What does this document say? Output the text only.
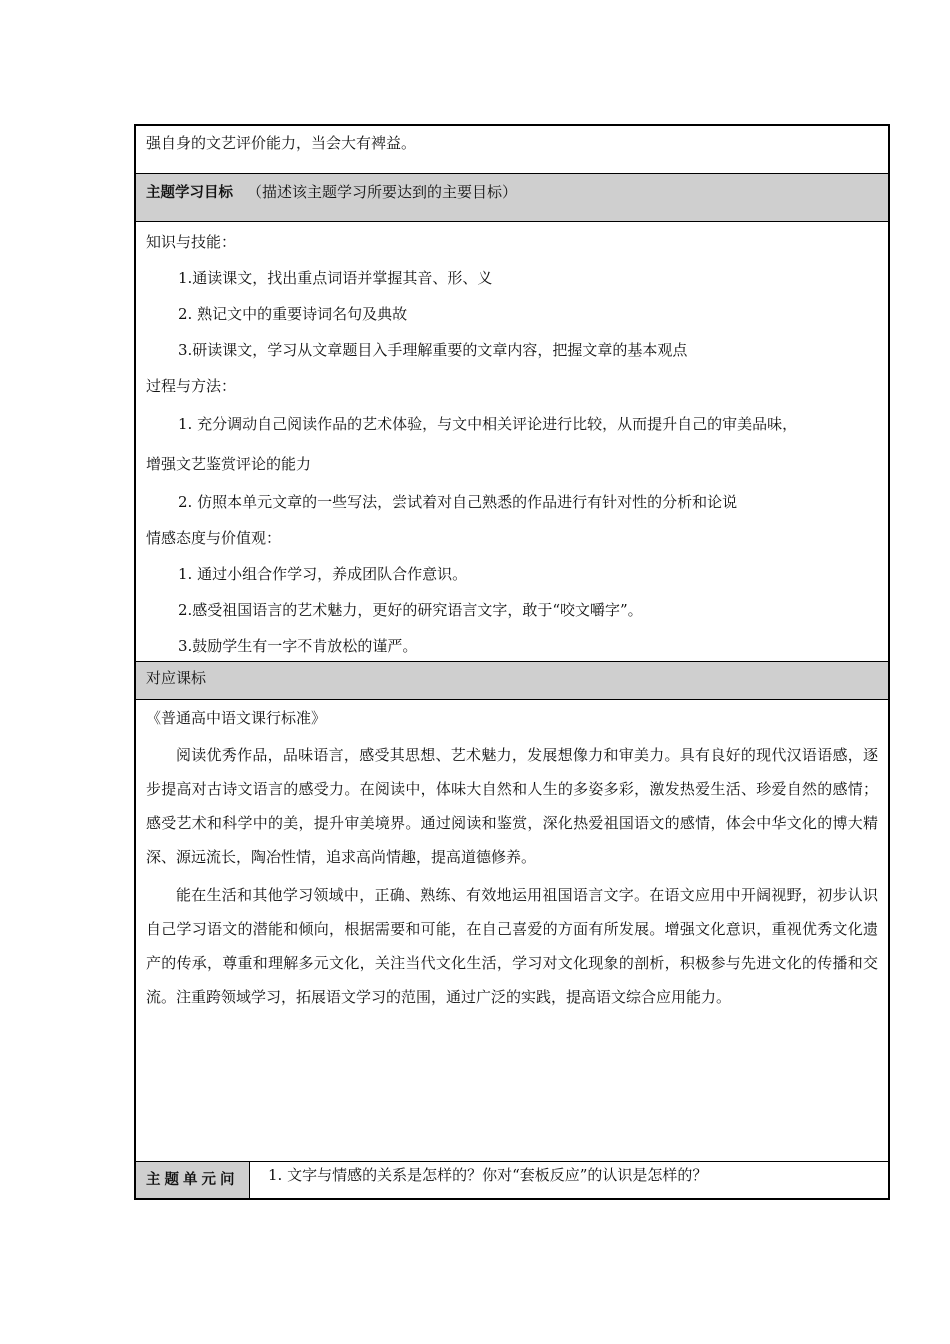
强自身的文艺评价能力，当会大有裨益。
主题学习目标 （描述该主题学习所要达到的主要目标）
知识与技能：
1.通读课文，找出重点词语并掌握其音、形、义
2. 熟记文中的重要诗词名句及典故
3.研读课文，学习从文章题目入手理解重要的文章内容，把握文章的基本观点
过程与方法：
1. 充分调动自己阅读作品的艺术体验，与文中相关评论进行比较，从而提升自己的审美品味，
增强文艺鉴赏评论的能力
2. 仿照本单元文章的一些写法，尝试着对自己熟悉的作品进行有针对性的分析和论说
情感态度与价值观：
1. 通过小组合作学习，养成团队合作意识。
2.感受祖国语言的艺术魅力，更好的研究语言文字，敢于“咬文嚼字”。
3.鼓励学生有一字不肯放松的谨严。
对应课标
《普通高中语文课行标准》

阅读优秀作品，品味语言，感受其思想、艺术魅力，发展想像力和审美力。具有良好的现代汉语语感，逐步提高对古诗文语言的感受力。在阅读中，体味大自然和人生的多姿多彩，激发热爱生活、珍爱自然的感情；感受艺术和科学中的美，提升审美境界。通过阅读和鉴赏，深化热爱祖国语文的感情，体会中华文化的博大精深、源远流长，陶冶性情，追求高尚情趣，提高道德修养。

能在生活和其他学习领域中，正确、熟练、有效地运用祖国语言文字。在语文应用中开阔视野，初步认识自己学习语文的潜能和倾向，根据需要和可能，在自己喜爱的方面有所发展。增强文化意识，重视优秀文化遗产的传承，尊重和理解多元文化，关注当代文化生活，学习对文化现象的剖析，积极参与先进文化的传播和交流。注重跨领域学习，拓展语文学习的范围，通过广泛的实践，提高语文综合应用能力。

主题单元问	1. 文字与情感的关系是怎样的？你对“套板反应”的认识是怎样的？
